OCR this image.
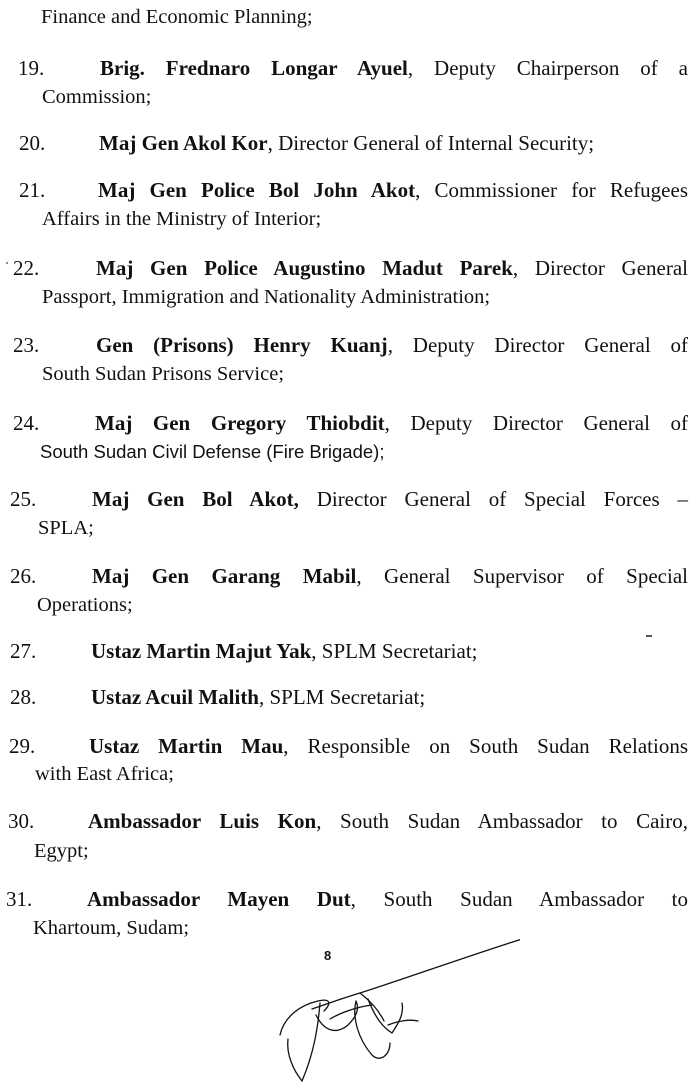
Finance and Economic Planning;
19.	Brig. Fred​naro Longar Ayuel, Deputy Chairperson of a
Commission;
20.	Maj Gen Akol Kor, Director General of Internal Security;
21.	Maj Gen Police Bol John Akot, Commissioner for Refugees
Affairs in the Ministry of Interior;
22.	Maj Gen Police Augustino Madut Parek, Director General
Passport, Immigration and Nationality Administration;
23.	Gen (Prisons) Henry Kuanj, Deputy Director General of
South Sudan Prisons Service;
24.	Maj Gen Gregory Thiobdit, Deputy Director General of
South Sudan Civil Defense (Fire Brigade);
25.	Maj Gen Bol Akot, Director General of Special Forces –
SPLA;
26.	Maj Gen Garang Mabil, General Supervisor of Special
Operations;
27.	Ustaz Martin Majut Yak, SPLM Secretariat;
28.	Ustaz Acuil Malith, SPLM Secretariat;
29.	Ustaz Martin Mau, Responsible on South Sudan Relations
with East Africa;
30.	Ambassador Luis Kon, South Sudan Ambassador to Cairo,
Egypt;
31.	Ambassador Mayen Dut, South Sudan Ambassador to
Khartoum, Sudam;
8
